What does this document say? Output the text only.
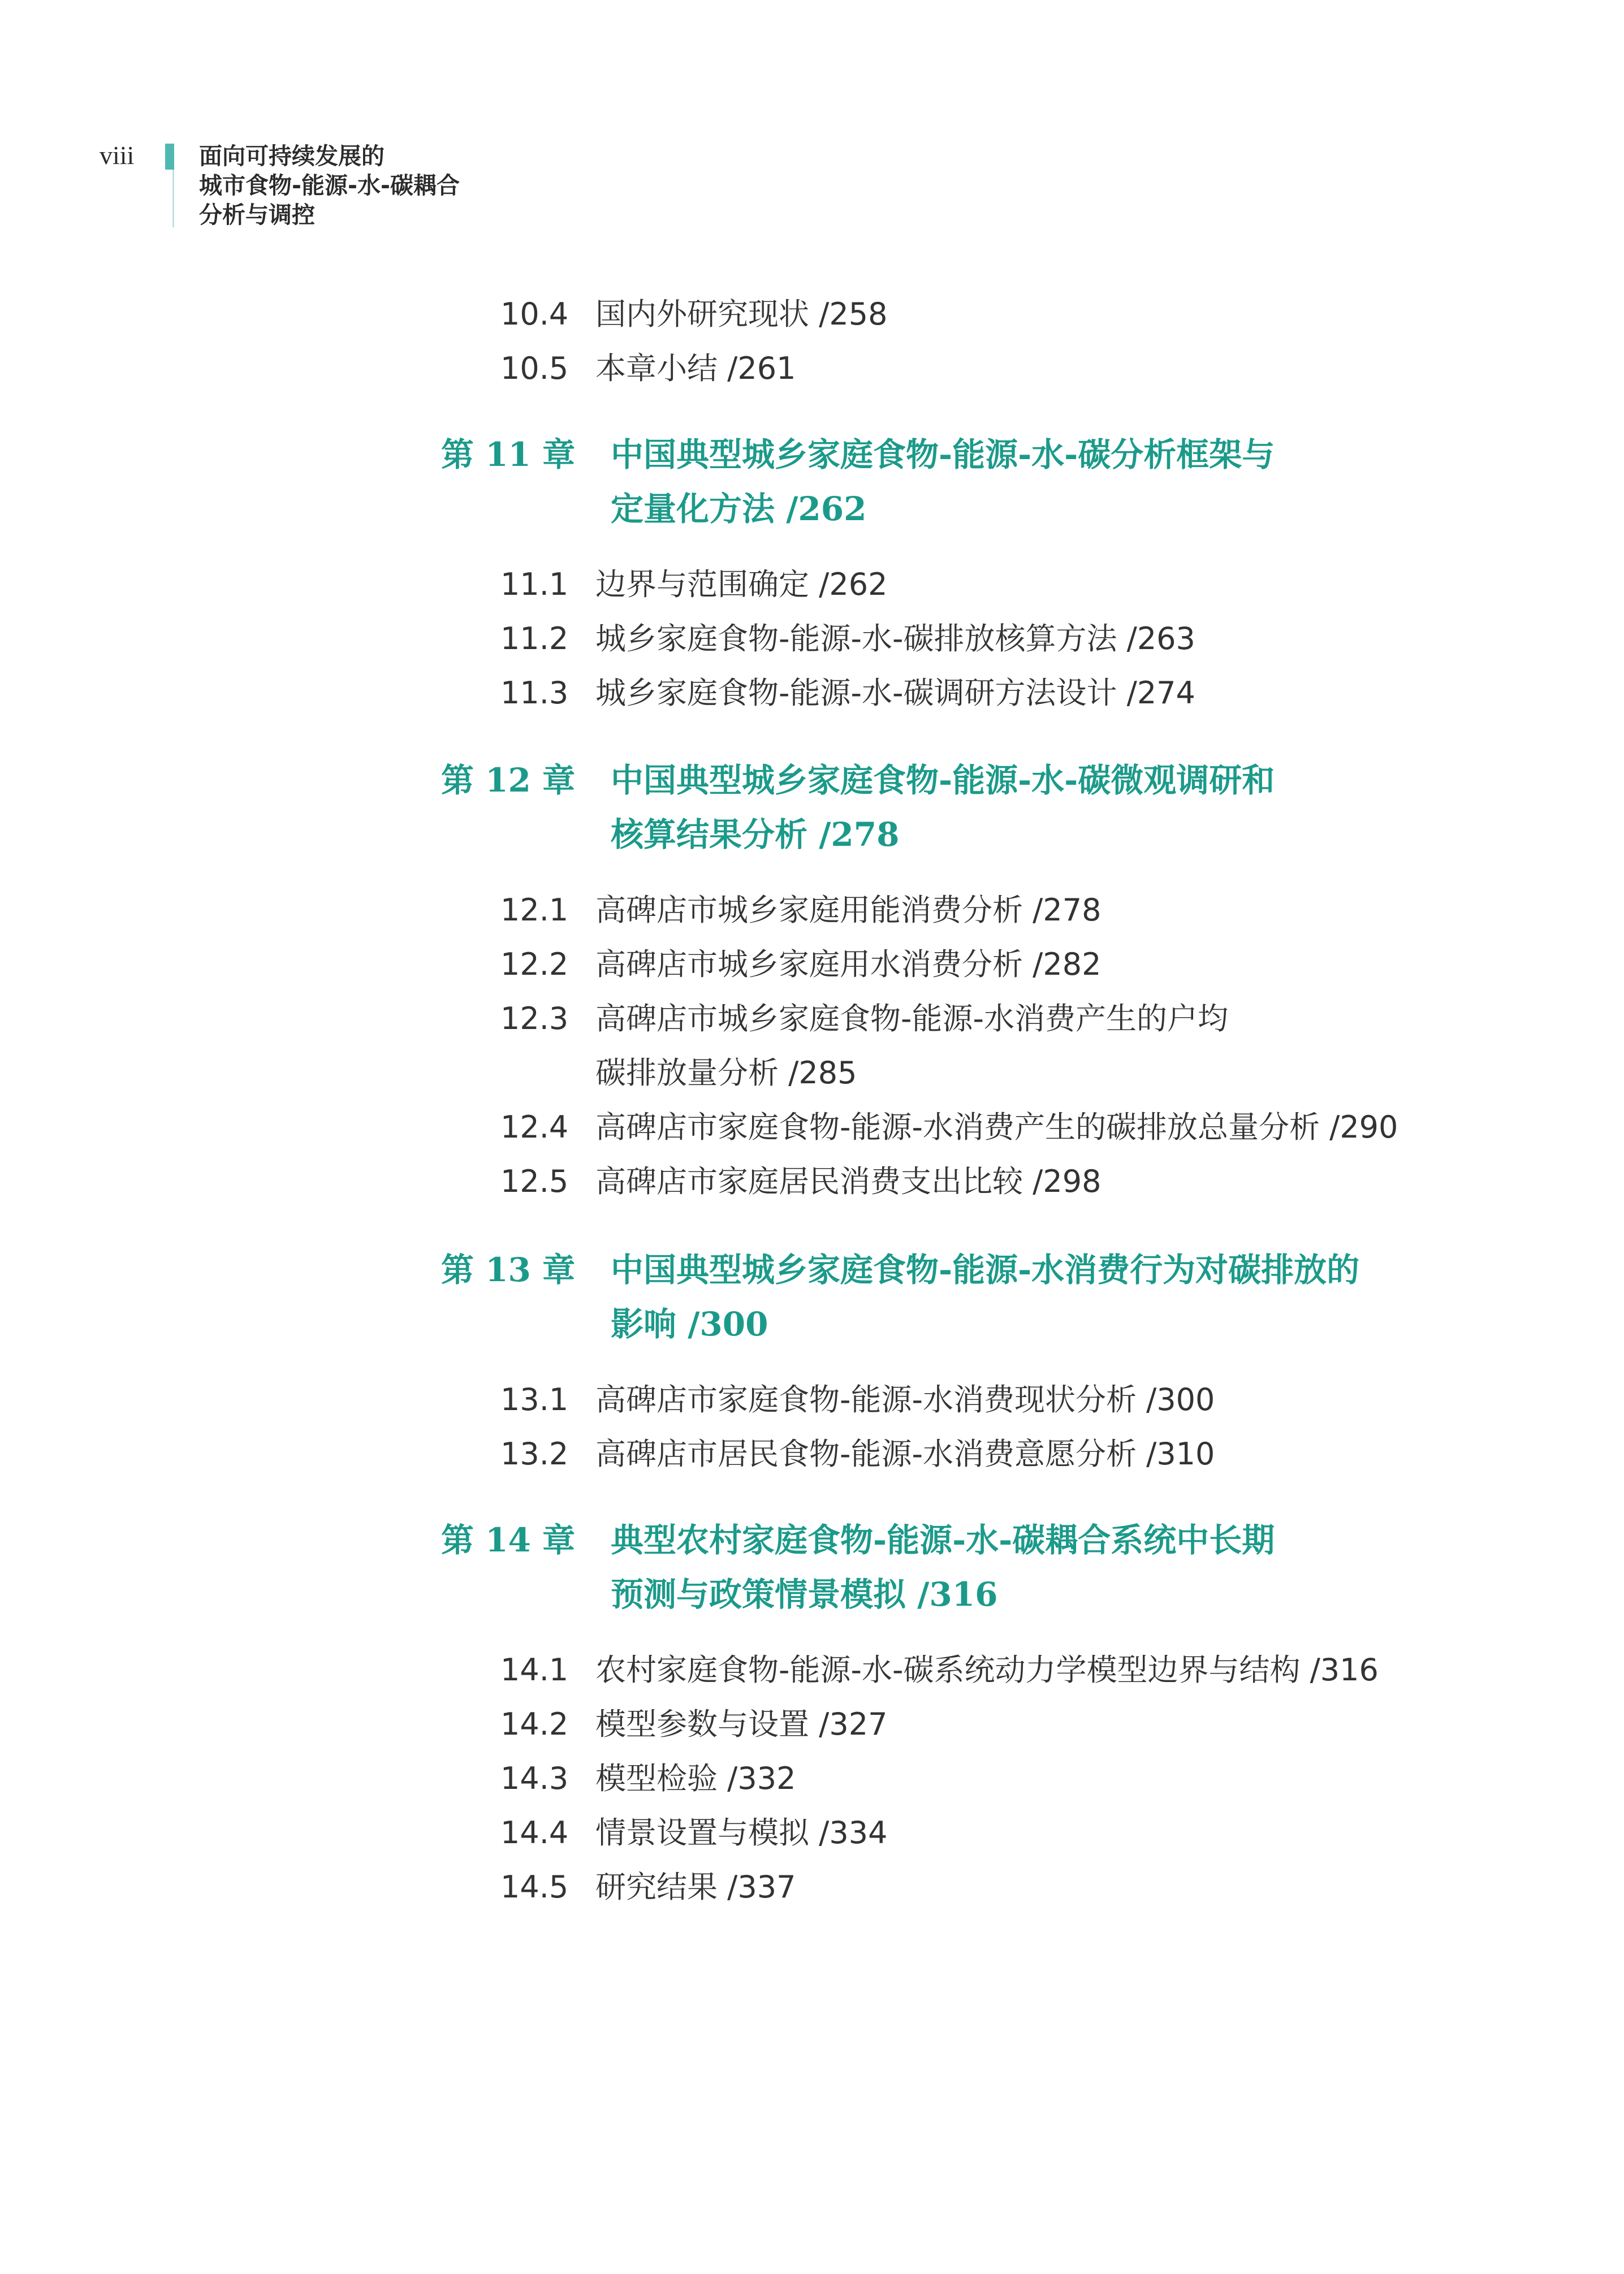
viii	面向可持续发展的
城市食物-能源-水-碳耦合
分析与调控
10.4 国内外研究现状 /258
10.5 本章小结 /261
第 11 章 中国典型城乡家庭食物-能源-水-碳分析框架与
定量化方法 /262
11.1 边界与范围确定 /262
11.2 城乡家庭食物-能源-水-碳排放核算方法 /263
11.3 城乡家庭食物-能源-水-碳调研方法设计 /274
第 12 章 中国典型城乡家庭食物-能源-水-碳微观调研和
核算结果分析 /278
12.1 高碑店市城乡家庭用能消费分析 /278
12.2 高碑店市城乡家庭用水消费分析 /282
12.3 高碑店市城乡家庭食物-能源-水消费产生的户均
碳排放量分析 /285
12.4 高碑店市家庭食物-能源-水消费产生的碳排放总量分析 /290
12.5 高碑店市家庭居民消费支出比较 /298
第 13 章 中国典型城乡家庭食物-能源-水消费行为对碳排放的
影响 /300
13.1 高碑店市家庭食物-能源-水消费现状分析 /300
13.2 高碑店市居民食物-能源-水消费意愿分析 /310
第 14 章 典型农村家庭食物-能源-水-碳耦合系统中长期
预测与政策情景模拟 /316
14.1 农村家庭食物-能源-水-碳系统动力学模型边界与结构 /316
14.2 模型参数与设置 /327
14.3 模型检验 /332
14.4 情景设置与模拟 /334
14.5 研究结果 /337
